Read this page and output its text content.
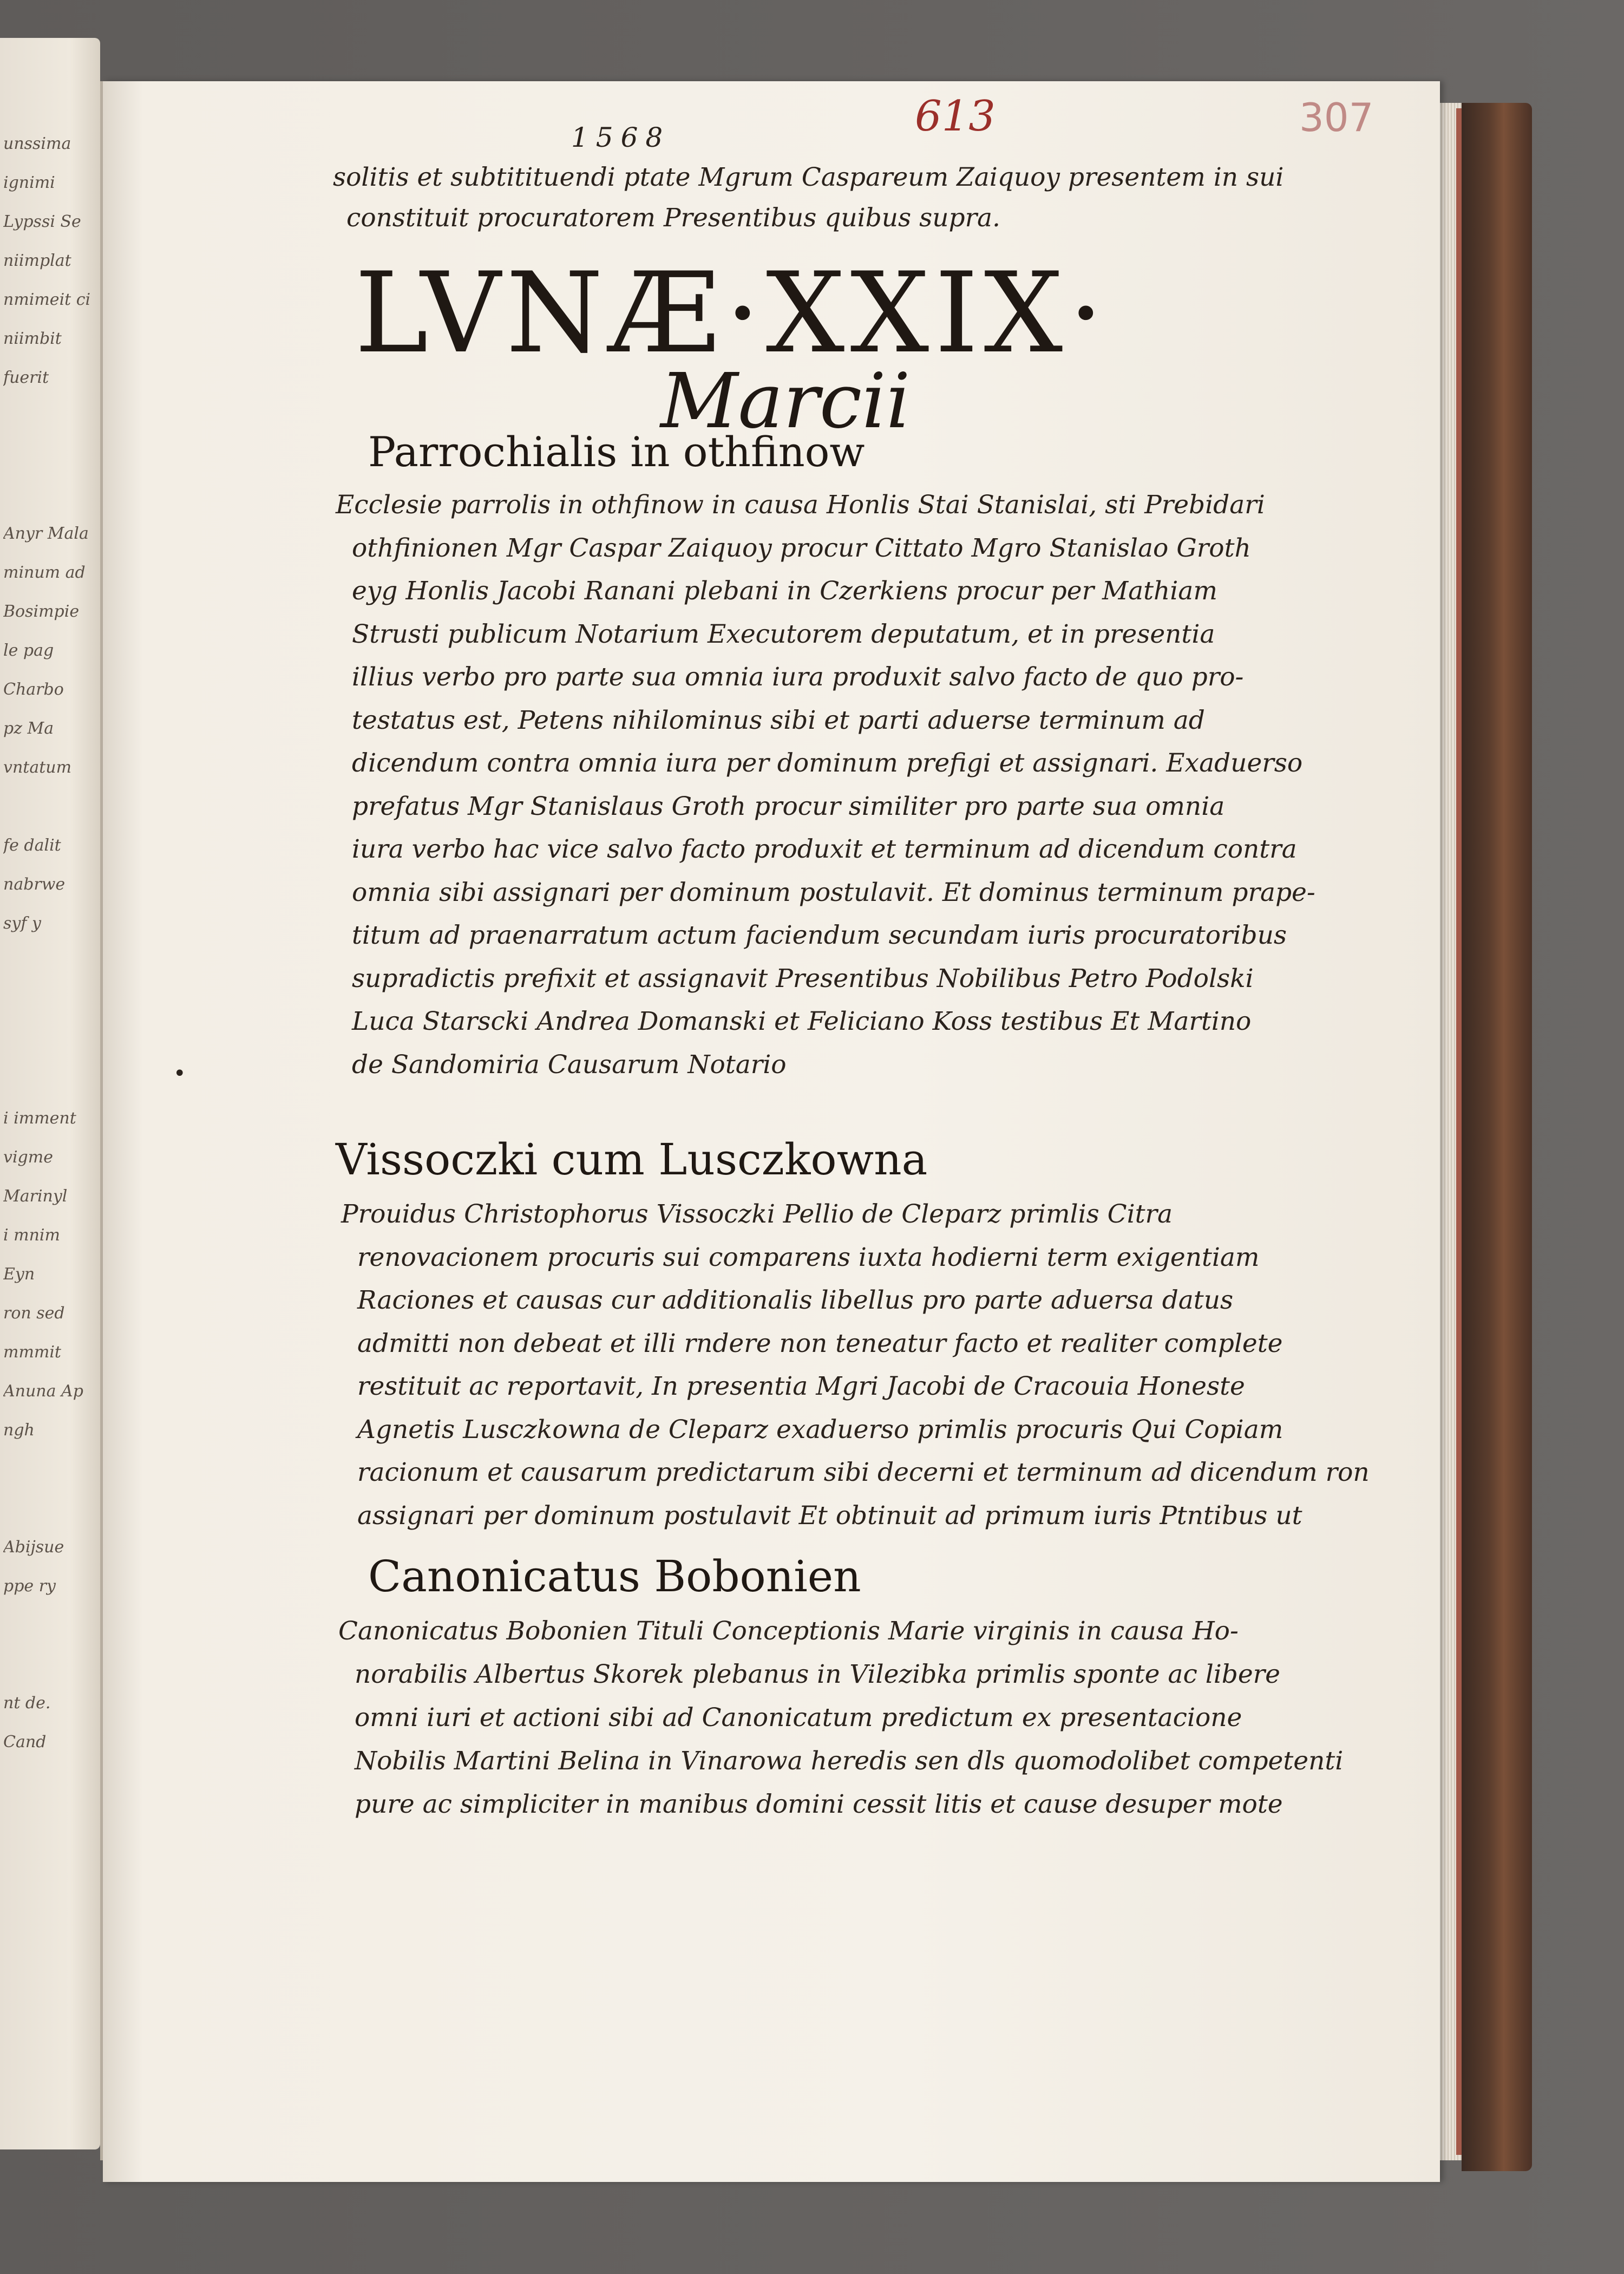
unssima
ignimi
Lypssi Se
niimplat
nmimeit ci
niimbit
fuerit
Anyr Mala
minum ad
Bosimpie
le pag
Charbo
pz Ma
vntatum
fe dalit
nabrwe
syf y
i imment
vigme
Marinyl
i mnim
Eyn
ron sed
mmmit
Anuna Ap
ngh
Abijsue
ppe ry
nt de.
Cand
1568	613	307
solitis et subtitituendi ptate Mgrum Caspareum Zaiquoy presentem in sui
constituit procuratorem Presentibus quibus supra.
LVNÆ·XXIX·
Marcii
•
Parrochialis in othfinow
Ecclesie parrolis in othfinow in causa Honlis Stai Stanislai, sti Prebidari
othfinionen Mgr Caspar Zaiquoy procur Cittato Mgro Stanislao Groth
eyg Honlis Jacobi Ranani plebani in Czerkiens procur per Mathiam
Strusti publicum Notarium Executorem deputatum, et in presentia
illius verbo pro parte sua omnia iura produxit salvo facto de quo pro-
testatus est, Petens nihilominus sibi et parti aduerse terminum ad
dicendum contra omnia iura per dominum prefigi et assignari. Exaduerso
prefatus Mgr Stanislaus Groth procur similiter pro parte sua omnia
iura verbo hac vice salvo facto produxit et terminum ad dicendum contra
omnia sibi assignari per dominum postulavit. Et dominus terminum prape-
titum ad praenarratum actum faciendum secundam iuris procuratoribus
supradictis prefixit et assignavit Presentibus Nobilibus Petro Podolski
Luca Starscki Andrea Domanski et Feliciano Koss testibus Et Martino
de Sandomiria Causarum Notario
Vissoczki cum Lusczkowna
Prouidus Christophorus Vissoczki Pellio de Cleparz primlis Citra
renovacionem procuris sui comparens iuxta hodierni term exigentiam
Raciones et causas cur additionalis libellus pro parte aduersa datus
admitti non debeat et illi rndere non teneatur facto et realiter complete
restituit ac reportavit, In presentia Mgri Jacobi de Cracouia Honeste
Agnetis Lusczkowna de Cleparz exaduerso primlis procuris Qui Copiam
racionum et causarum predictarum sibi decerni et terminum ad dicendum ron
assignari per dominum postulavit Et obtinuit ad primum iuris Ptntibus ut
Canonicatus Bobonien
Canonicatus Bobonien Tituli Conceptionis Marie virginis in causa Ho-
norabilis Albertus Skorek plebanus in Vilezibka primlis sponte ac libere
omni iuri et actioni sibi ad Canonicatum predictum ex presentacione
Nobilis Martini Belina in Vinarowa heredis sen dls quomodolibet competenti
pure ac simpliciter in manibus domini cessit litis et cause desuper mote
